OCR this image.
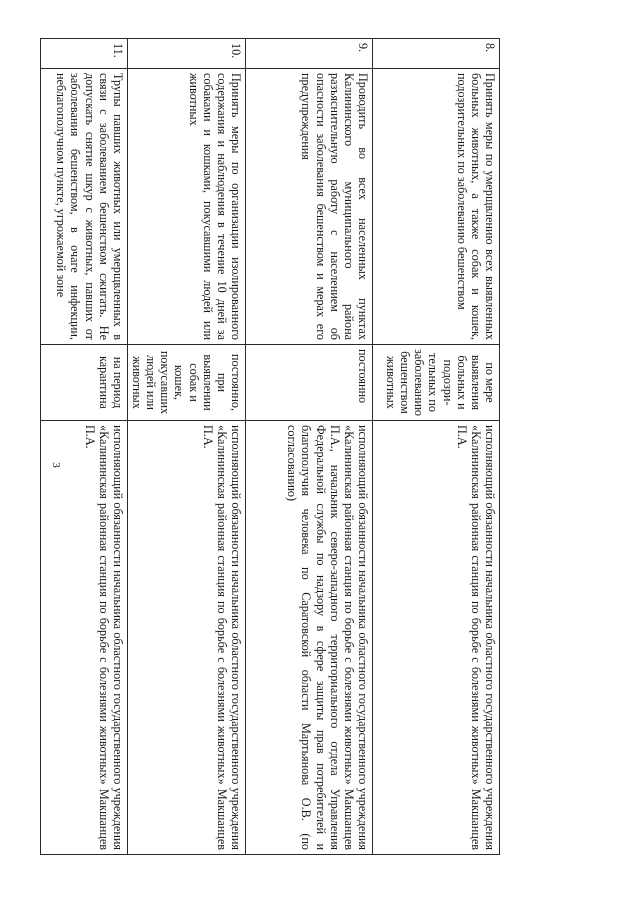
3
8.	Принять меры по умерщвлению всех выявленных больных животных, а также собак и кошек, подозрительных по заболеванию бешенством	по мере выявления больных и подозри-тельных по заболеванию бешенством животных	исполняющий обязанности начальника областного государственного учреждения «Калининская районная станция по борьбе с болезнями животных» Макшанцев П.А.
9.	Проводить во всех населенных пунктах Калининского муниципального района разъяснительную работу с населением об опасности заболевания бешенством и мерах его предупреждения	постоянно	исполняющий обязанности начальника областного государственного учреждения «Калининская районная станция по борьбе с болезнями животных» Макшанцев П.А., начальник северо-западного территориального отдела Управления Федеральной службы по надзору в сфере защиты прав потребителей и благополучия человека по Саратовской области Мартьянова О.В. (по согласованию)
10.	Принять меры по организации изолированного содержания и наблюдения в течение 10 дней за собаками и кошками, покусавшими людей или животных	постоянно, при выявлении собак и кошек, покусавших людей или животных	исполняющий обязанности начальника областного государственного учреждения «Калининская районная станция по борьбе с болезнями животных» Макшанцев П.А.
11.	Трупы павших животных или умерщвленных в связи с заболеванием бешенством сжигать. Не допускать снятие шкур с животных, павших от заболевания бешенством, в очаге инфекции, неблагополучном пункте, угрожаемой зоне	на период карантина	исполняющий обязанности начальника областного государственного учреждения «Калининская районная станция по борьбе с болезнями животных» Макшанцев П.А.
